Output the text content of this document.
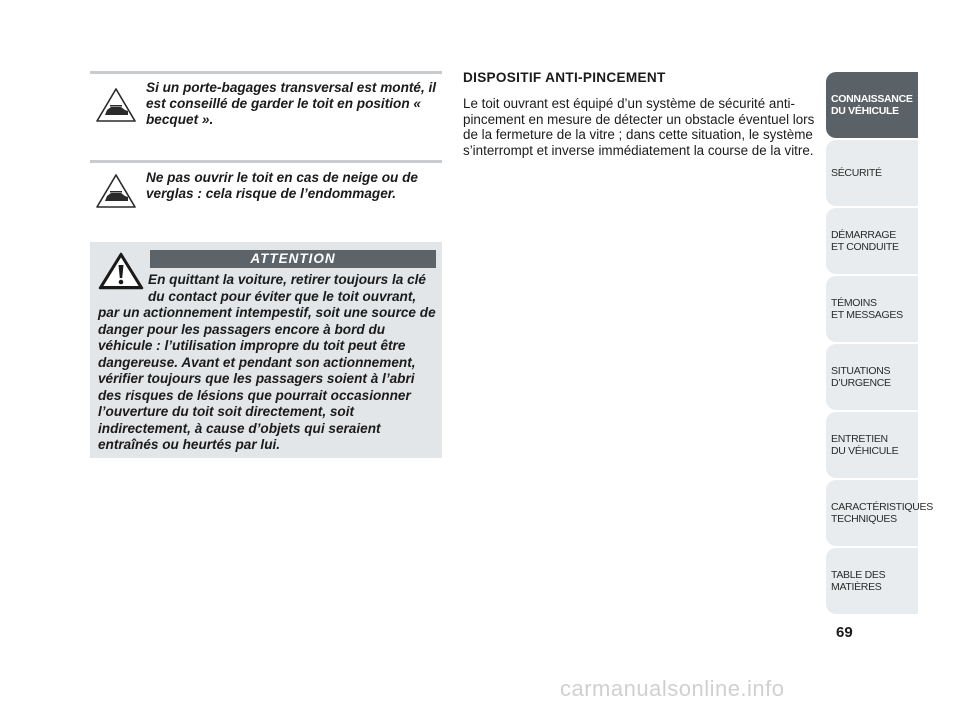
Si un porte-bagages transversal est monté, il est conseillé de garder le toit en position « becquet ».
Ne pas ouvrir le toit en cas de neige ou de verglas : cela risque de l’endommager.
ATTENTION
En quittant la voiture, retirer toujours la clé du contact pour éviter que le toit ouvrant, par un actionnement intempestif, soit une source de danger pour les passagers encore à bord du véhicule : l’utilisation impropre du toit peut être dangereuse. Avant et pendant son actionnement, vérifier toujours que les passagers soient à l’abri des risques de lésions que pourrait occasionner l’ouverture du toit soit directement, soit indirectement, à cause d’objets qui seraient entraînés ou heurtés par lui.
DISPOSITIF ANTI-PINCEMENT
Le toit ouvrant est équipé d’un système de sécurité anti-pincement en mesure de détecter un obstacle éventuel lors de la fermeture de la vitre ; dans cette situation, le système s’interrompt et inverse immédiatement la course de la vitre.
CONNAISSANCE
DU VÉHICULE
SÉCURITÉ
DÉMARRAGE
ET CONDUITE
TÉMOINS
ET MESSAGES
SITUATIONS
D’URGENCE
ENTRETIEN
DU VÉHICULE
CARACTÉRISTIQUES
TECHNIQUES
TABLE DES
MATIÈRES
69
carmanualsonline.info
